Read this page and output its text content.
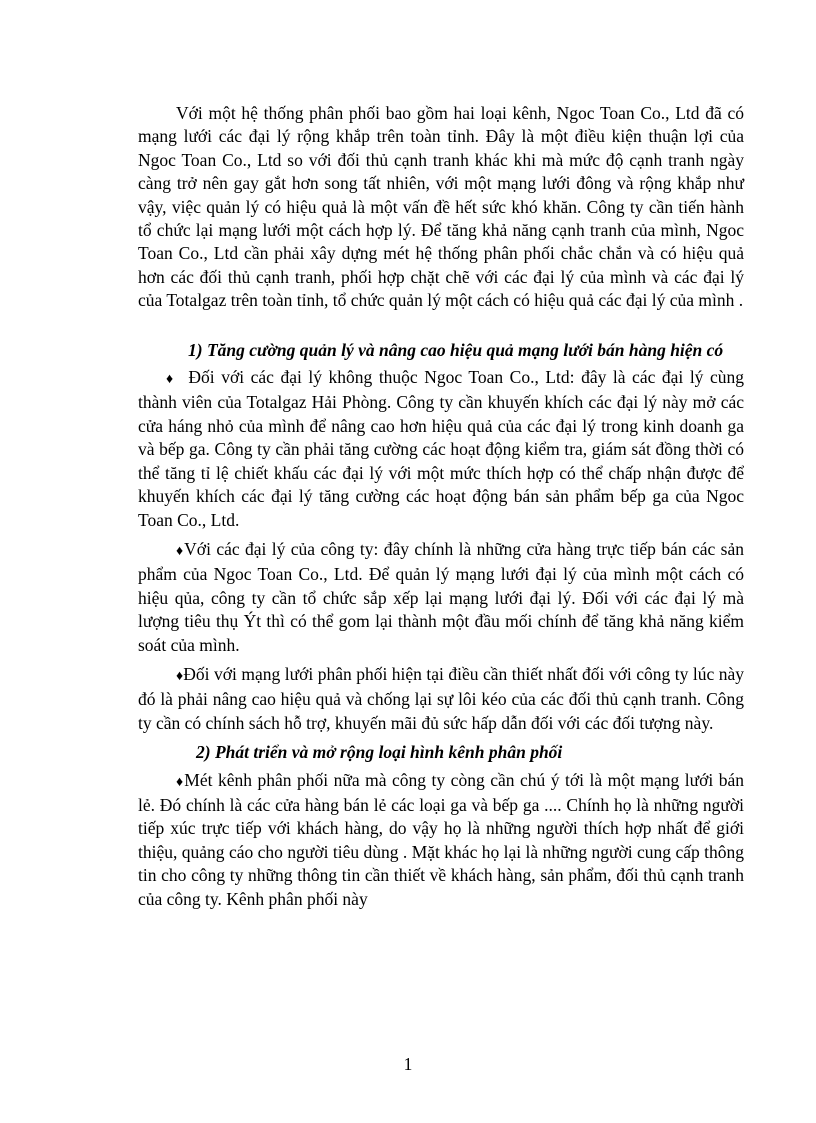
Với một hệ thống phân phối bao gồm hai loại kênh, Ngoc Toan Co., Ltd đã có mạng lưới các đại lý rộng khắp trên toàn tỉnh. Đây là một điều kiện thuận lợi của Ngoc Toan Co., Ltd so với đối thủ cạnh tranh khác khi mà mức độ cạnh tranh ngày càng trở nên gay gắt hơn song tất nhiên, với một mạng lưới đông và rộng khắp như vậy, việc quản lý có hiệu quả là một vấn đề hết sức khó khăn. Công ty cần tiến hành tổ chức lại mạng lưới một cách hợp lý. Để tăng khả năng cạnh tranh của mình, Ngoc Toan Co., Ltd cần phải xây dựng mét hệ thống phân phối chắc chắn và có hiệu quả hơn các đối thủ cạnh tranh, phối hợp chặt chẽ với các đại lý của mình và các đại lý của Totalgaz trên toàn tỉnh, tổ chức quản lý một cách có hiệu quả các đại lý của mình .

1) Tăng cường quản lý và nâng cao hiệu quả mạng lưới bán hàng hiện có

♦ Đối với các đại lý không thuộc Ngoc Toan Co., Ltd: đây là các đại lý cùng thành viên của Totalgaz Hải Phòng. Công ty cần khuyến khích các đại lý này mở các cửa háng nhỏ của mình để nâng cao hơn hiệu quả của các đại lý trong kinh doanh ga và bếp ga. Công ty cần phải tăng cường các hoạt động kiểm tra, giám sát đồng thời có thể tăng tỉ lệ chiết khấu các đại lý với một mức thích hợp có thể chấp nhận được để khuyến khích các đại lý tăng cường các hoạt động bán sản phẩm bếp ga của Ngoc Toan Co., Ltd.

♦Với các đại lý của công ty: đây chính là những cửa hàng trực tiếp bán các sản phẩm của Ngoc Toan Co., Ltd. Để quản lý mạng lưới đại lý của mình một cách có hiệu qủa, công ty cần tổ chức sắp xếp lại mạng lưới đại lý. Đối với các đại lý mà lượng tiêu thụ Ýt thì có thể gom lại thành một đầu mối chính để tăng khả năng kiểm soát của mình.

♦Đối với mạng lưới phân phối hiện tại điều cần thiết nhất đối với công ty lúc này đó là phải nâng cao hiệu quả và chống lại sự lôi kéo của các đối thủ cạnh tranh. Công ty cần có chính sách hỗ trợ, khuyến mãi đủ sức hấp dẫn đối với các đối tượng này.

2) Phát triển và mở rộng loại hình kênh phân phối

♦Mét kênh phân phối nữa mà công ty còng cần chú ý tới là một mạng lưới bán lẻ. Đó chính là các cửa hàng bán lẻ các loại ga và bếp ga .... Chính họ là những người tiếp xúc trực tiếp với khách hàng, do vậy họ là những người thích hợp nhất để giới thiệu, quảng cáo cho người tiêu dùng . Mặt khác họ lại là những người cung cấp thông tin cho công ty những thông tin cần thiết về khách hàng, sản phẩm, đối thủ cạnh tranh của công ty. Kênh phân phối này

1
